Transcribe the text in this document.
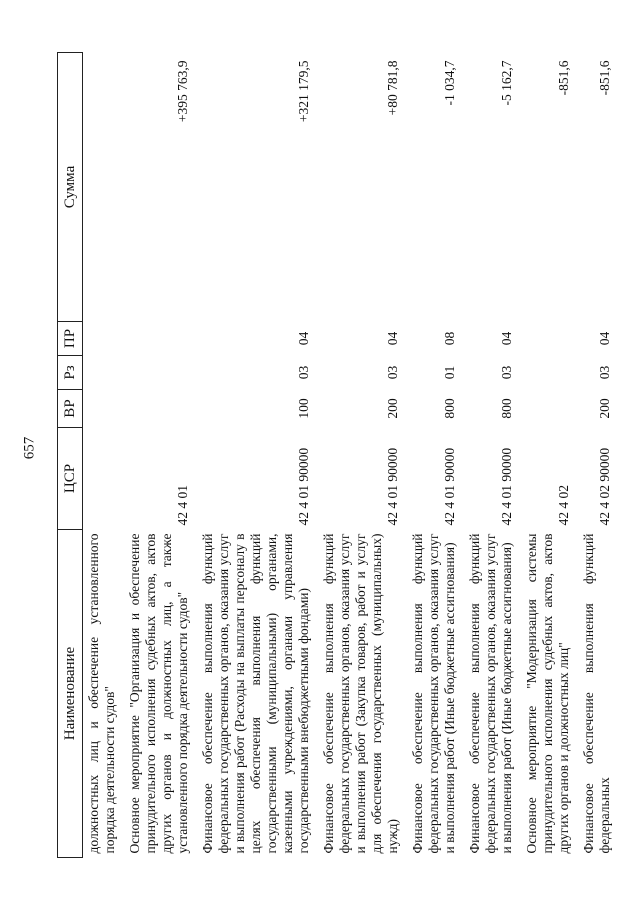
657
Наименование	ЦСР	ВР	Рз	ПР	Сумма
должностных лиц и обеспечение установленного порядка деятельности судов"					
Основное мероприятие "Организация и обеспечение принудительного исполнения судебных актов, актов других органов и должностных лиц, а также установленного порядка деятельности судов"	42 4 01				+395 763,9
Финансовое обеспечение выполнения функций федеральных государственных органов, оказания услуг и выполнения работ (Расходы на выплаты персоналу в целях обеспечения выполнения функций государственными (муниципальными) органами, казенными учреждениями, органами управления государственными внебюджетными фондами)	42 4 01 90000	100	03	04	+321 179,5
Финансовое обеспечение выполнения функций федеральных государственных органов, оказания услуг и выполнения работ (Закупка товаров, работ и услуг для обеспечения государственных (муниципальных) нужд)	42 4 01 90000	200	03	04	+80 781,8
Финансовое обеспечение выполнения функций федеральных государственных органов, оказания услуг и выполнения работ (Иные бюджетные ассигнования)	42 4 01 90000	800	01	08	-1 034,7
Финансовое обеспечение выполнения функций федеральных государственных органов, оказания услуг и выполнения работ (Иные бюджетные ассигнования)	42 4 01 90000	800	03	04	-5 162,7
Основное мероприятие "Модернизация системы принудительного исполнения судебных актов, актов других органов и должностных лиц"	42 4 02				-851,6
Финансовое обеспечение выполнения функций федеральных	42 4 02 90000	200	03	04	-851,6
